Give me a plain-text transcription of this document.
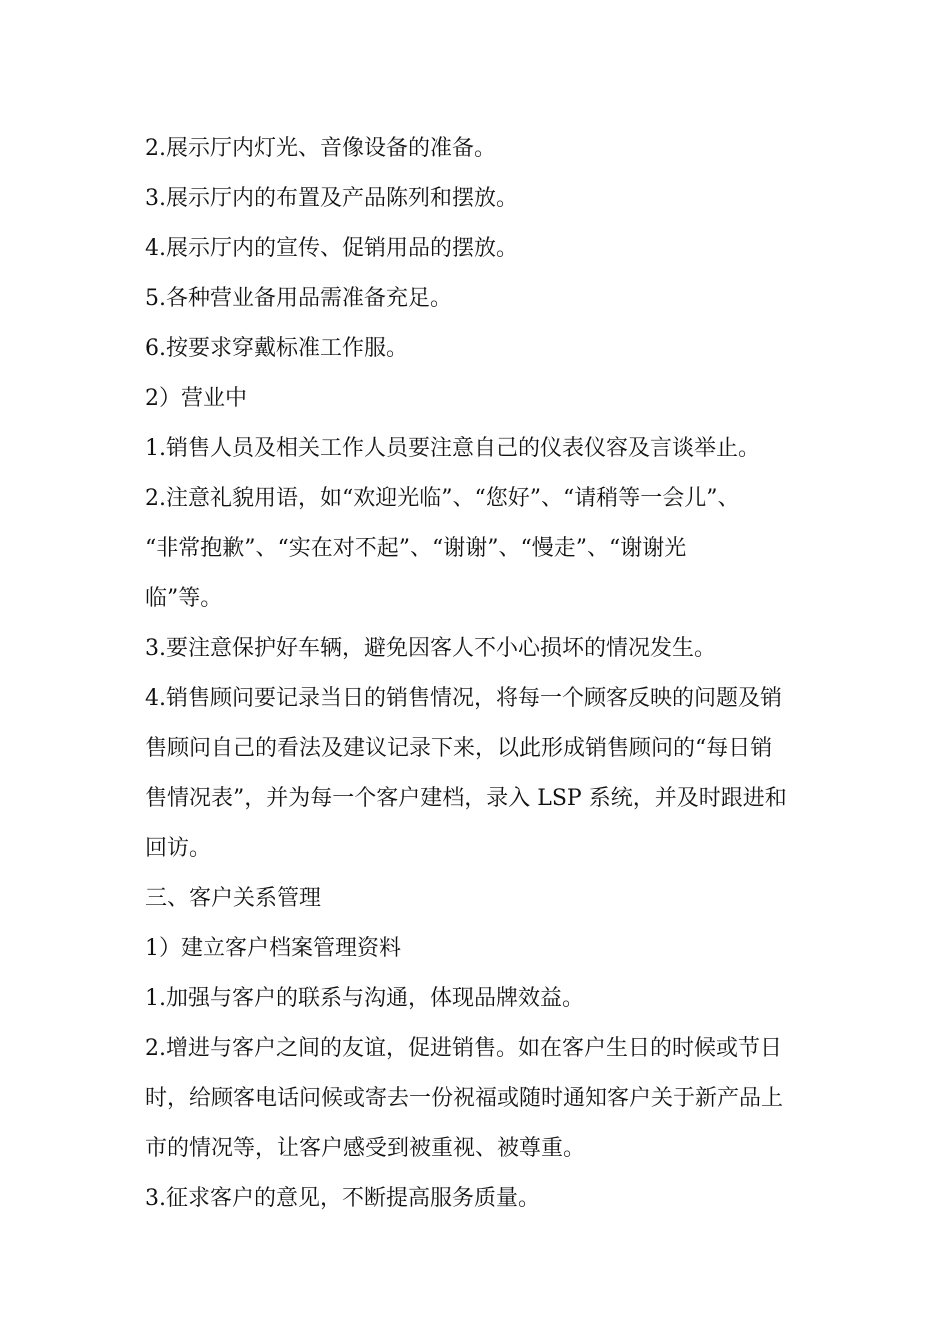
2.展示厅内灯光、音像设备的准备。
3.展示厅内的布置及产品陈列和摆放。
4.展示厅内的宣传、促销用品的摆放。
5.各种营业备用品需准备充足。
6.按要求穿戴标准工作服。
2）营业中
1.销售人员及相关工作人员要注意自己的仪表仪容及言谈举止。
2.注意礼貌用语，如“欢迎光临”、“您好”、“请稍等一会儿”、
“非常抱歉”、“实在对不起”、“谢谢”、“慢走”、“谢谢光
临”等。
3.要注意保护好车辆，避免因客人不小心损坏的情况发生。
4.销售顾问要记录当日的销售情况，将每一个顾客反映的问题及销
售顾问自己的看法及建议记录下来，以此形成销售顾问的“每日销
售情况表”，并为每一个客户建档，录入 LSP 系统，并及时跟进和
回访。
三、客户关系管理
1）建立客户档案管理资料
1.加强与客户的联系与沟通，体现品牌效益。
2.增进与客户之间的友谊，促进销售。如在客户生日的时候或节日
时，给顾客电话问候或寄去一份祝福或随时通知客户关于新产品上
市的情况等，让客户感受到被重视、被尊重。
3.征求客户的意见，不断提高服务质量。
